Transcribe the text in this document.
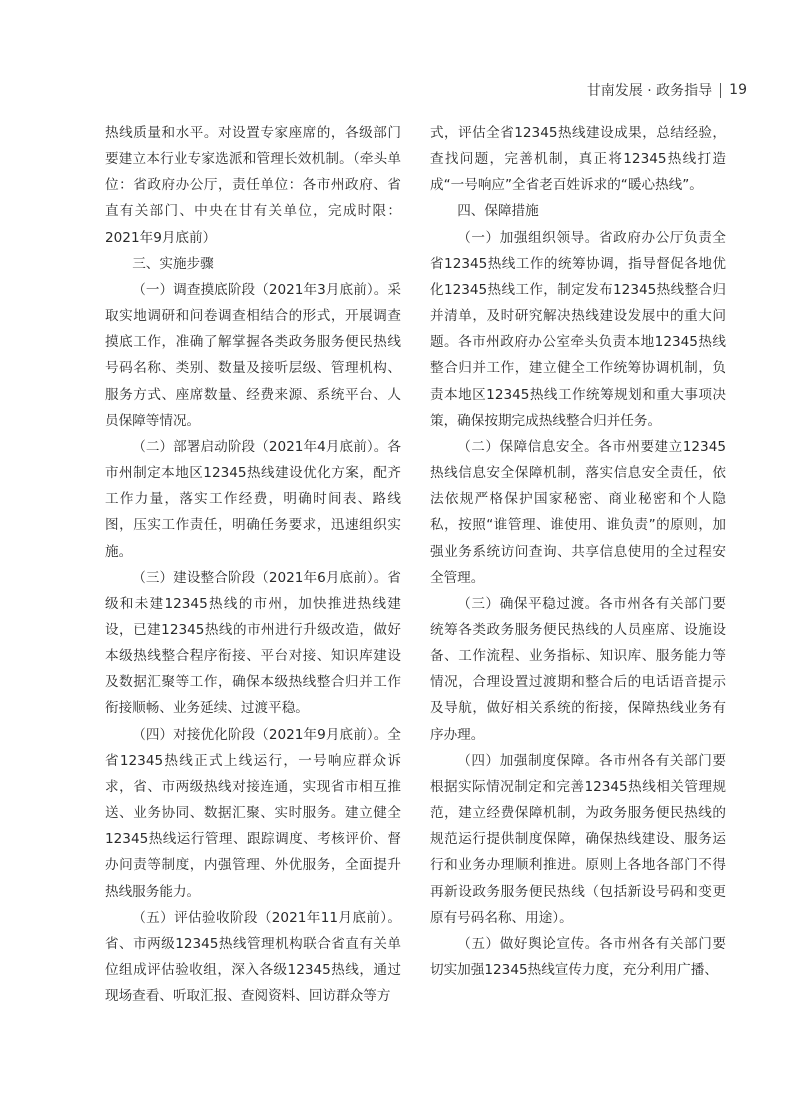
甘南发展 · 政务指导 19

热线质量和水平。对设置专家座席的，各级部门要建立本行业专家选派和管理长效机制。（牵头单位：省政府办公厅，责任单位：各市州政府、省直有关部门、中央在甘有关单位，完成时限：2021年9月底前）

三、实施步骤

（一）调查摸底阶段（2021年3月底前）。采取实地调研和问卷调查相结合的形式，开展调查摸底工作，准确了解掌握各类政务服务便民热线号码名称、类别、数量及接听层级、管理机构、服务方式、座席数量、经费来源、系统平台、人员保障等情况。

（二）部署启动阶段（2021年4月底前）。各市州制定本地区12345热线建设优化方案，配齐工作力量，落实工作经费，明确时间表、路线图，压实工作责任，明确任务要求，迅速组织实施。

（三）建设整合阶段（2021年6月底前）。省级和未建12345热线的市州，加快推进热线建设，已建12345热线的市州进行升级改造，做好本级热线整合程序衔接、平台对接、知识库建设及数据汇聚等工作，确保本级热线整合归并工作衔接顺畅、业务延续、过渡平稳。

（四）对接优化阶段（2021年9月底前）。全省12345热线正式上线运行，一号响应群众诉求，省、市两级热线对接连通，实现省市相互推送、业务协同、数据汇聚、实时服务。建立健全12345热线运行管理、跟踪调度、考核评价、督办问责等制度，内强管理、外优服务，全面提升热线服务能力。

（五）评估验收阶段（2021年11月底前）。省、市两级12345热线管理机构联合省直有关单位组成评估验收组，深入各级12345热线，通过现场查看、听取汇报、查阅资料、回访群众等方

式，评估全省12345热线建设成果，总结经验，查找问题，完善机制，真正将12345热线打造成“一号响应”全省老百姓诉求的“暖心热线”。

四、保障措施

（一）加强组织领导。省政府办公厅负责全省12345热线工作的统筹协调，指导督促各地优化12345热线工作，制定发布12345热线整合归并清单，及时研究解决热线建设发展中的重大问题。各市州政府办公室牵头负责本地12345热线整合归并工作，建立健全工作统筹协调机制，负责本地区12345热线工作统筹规划和重大事项决策，确保按期完成热线整合归并任务。

（二）保障信息安全。各市州要建立12345热线信息安全保障机制，落实信息安全责任，依法依规严格保护国家秘密、商业秘密和个人隐私，按照“谁管理、谁使用、谁负责”的原则，加强业务系统访问查询、共享信息使用的全过程安全管理。

（三）确保平稳过渡。各市州各有关部门要统筹各类政务服务便民热线的人员座席、设施设备、工作流程、业务指标、知识库、服务能力等情况，合理设置过渡期和整合后的电话语音提示及导航，做好相关系统的衔接，保障热线业务有序办理。

（四）加强制度保障。各市州各有关部门要根据实际情况制定和完善12345热线相关管理规范，建立经费保障机制，为政务服务便民热线的规范运行提供制度保障，确保热线建设、服务运行和业务办理顺利推进。原则上各地各部门不得再新设政务服务便民热线（包括新设号码和变更原有号码名称、用途）。

（五）做好舆论宣传。各市州各有关部门要切实加强12345热线宣传力度，充分利用广播、
